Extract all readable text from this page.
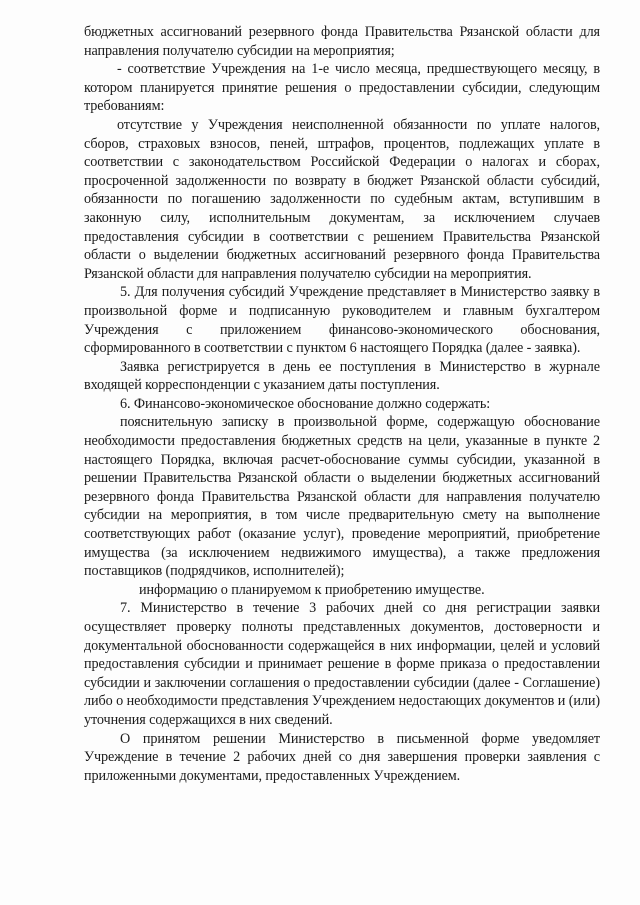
бюджетных ассигнований резервного фонда Правительства Рязанской области для направления получателю субсидии на мероприятия;

- соответствие Учреждения на 1-е число месяца, предшествующего месяцу, в котором планируется принятие решения о предоставлении субсидии, следующим требованиям:

отсутствие у Учреждения неисполненной обязанности по уплате налогов, сборов, страховых взносов, пеней, штрафов, процентов, подлежащих уплате в соответствии с законодательством Российской Федерации о налогах и сборах, просроченной задолженности по возврату в бюджет Рязанской области субсидий, обязанности по погашению задолженности по судебным актам, вступившим в законную силу, исполнительным документам, за исключением случаев предоставления субсидии в соответствии с решением Правительства Рязанской области о выделении бюджетных ассигнований резервного фонда Правительства Рязанской области для направления получателю субсидии на мероприятия.

5. Для получения субсидий Учреждение представляет в Министерство заявку в произвольной форме и подписанную руководителем и главным бухгалтером Учреждения с приложением финансово-экономического обоснования, сформированного в соответствии с пунктом 6 настоящего Порядка (далее - заявка).

Заявка регистрируется в день ее поступления в Министерство в журнале входящей корреспонденции с указанием даты поступления.

6. Финансово-экономическое обоснование должно содержать:

пояснительную записку в произвольной форме, содержащую обоснование необходимости предоставления бюджетных средств на цели, указанные в пункте 2 настоящего Порядка, включая расчет-обоснование суммы субсидии, указанной в решении Правительства Рязанской области о выделении бюджетных ассигнований резервного фонда Правительства Рязанской области для направления получателю субсидии на мероприятия, в том числе предварительную смету на выполнение соответствующих работ (оказание услуг), проведение мероприятий, приобретение имущества (за исключением недвижимого имущества), а также предложения поставщиков (подрядчиков, исполнителей);

информацию о планируемом к приобретению имуществе.

7. Министерство в течение 3 рабочих дней со дня регистрации заявки осуществляет проверку полноты представленных документов, достоверности и документальной обоснованности содержащейся в них информации, целей и условий предоставления субсидии и принимает решение в форме приказа о предоставлении субсидии и заключении соглашения о предоставлении субсидии (далее - Соглашение) либо о необходимости представления Учреждением недостающих документов и (или) уточнения содержащихся в них сведений.

О принятом решении Министерство в письменной форме уведомляет Учреждение в течение 2 рабочих дней со дня завершения проверки заявления с приложенными документами, предоставленных Учреждением.
